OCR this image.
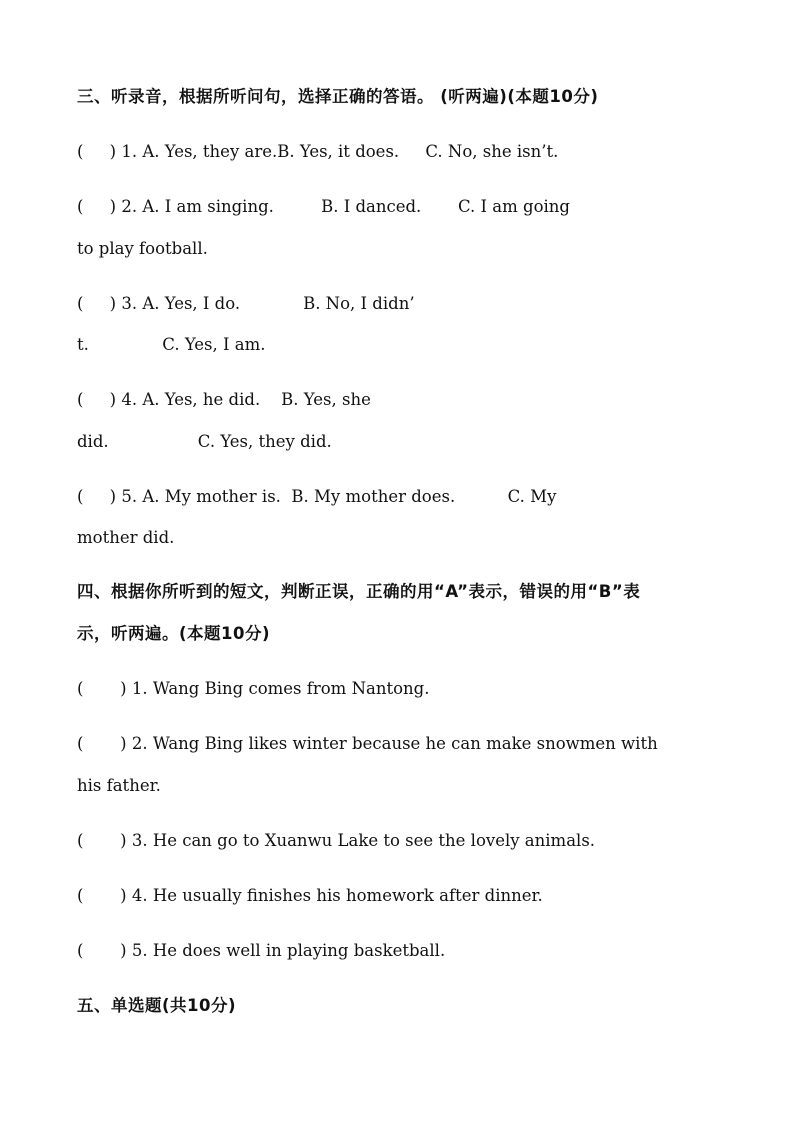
三、听录音，根据所听问句，选择正确的答语。 (听两遍)(本题10分)
(     ) 1. A. Yes, they are.B. Yes, it does.     C. No, she isn’t.
(     ) 2. A. I am singing.         B. I danced.       C. I am going
to play football.
(     ) 3. A. Yes, I do.            B. No, I didn’
t.              C. Yes, I am.
(     ) 4. A. Yes, he did.    B. Yes, she
did.                 C. Yes, they did.
(     ) 5. A. My mother is.  B. My mother does.          C. My
mother did.
四、根据你所听到的短文，判断正误，正确的用“A”表示，错误的用“B”表
示，听两遍。(本题10分)
(       ) 1. Wang Bing comes from Nantong.
(       ) 2. Wang Bing likes winter because he can make snowmen with
his father.
(       ) 3. He can go to Xuanwu Lake to see the lovely animals.
(       ) 4. He usually finishes his homework after dinner.
(       ) 5. He does well in playing basketball.
五、单选题(共10分)
